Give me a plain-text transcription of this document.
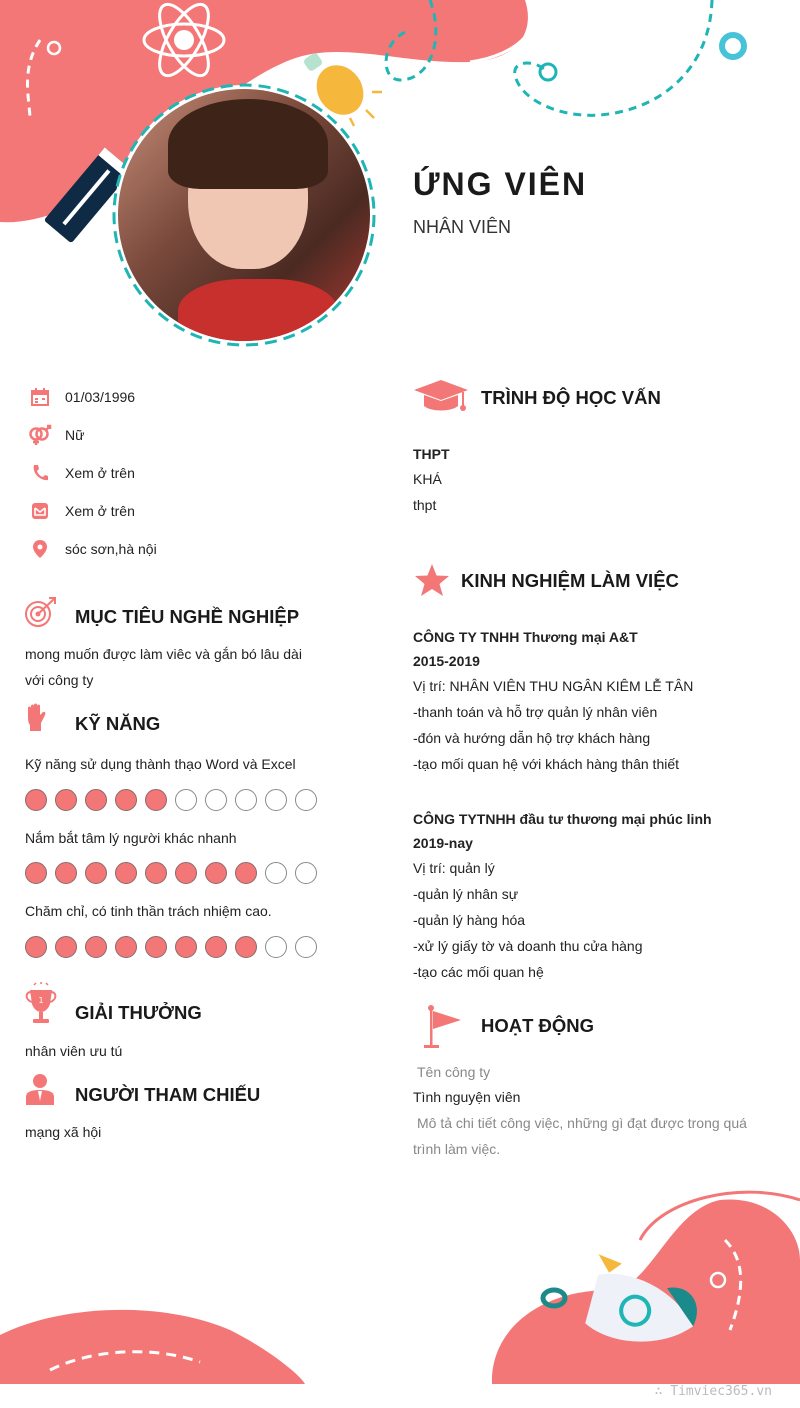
ỨNG VIÊN
NHÂN VIÊN
01/03/1996
Nữ
Xem ở trên
Xem ở trên
sóc sơn,hà nội
MỤC TIÊU NGHỀ NGHIỆP
mong muốn được làm viêc và gắn bó lâu dài
với công ty
KỸ NĂNG
Kỹ năng sử dụng thành thạo Word và Excel
Nắm bắt tâm lý người khác nhanh
Chăm chỉ, có tinh thần trách nhiệm cao.
1
GIẢI THƯỞNG
nhân viên ưu tú
NGƯỜI THAM CHIẾU
mạng xã hội
TRÌNH ĐỘ HỌC VẤN
THPT
KHÁ
thpt
KINH NGHIỆM LÀM VIỆC
CÔNG TY TNHH Thương mại A&T
2015-2019
Vị trí: NHÂN VIÊN THU NGÂN KIÊM LỄ TÂN
-thanh toán và hỗ trợ quản lý nhân viên
-đón và hướng dẫn hộ trợ khách hàng
-tạo mối quan hệ với khách hàng thân thiết
CÔNG TYTNHH đầu tư thương mại phúc linh
2019-nay
Vị trí: quản lý
-quản lý nhân sự
-quản lý hàng hóa
-xử lý giấy tờ và doanh thu cửa hàng
-tạo các mối quan hệ
HOẠT ĐỘNG
Tên công ty
Tình nguyện viên
Mô tả chi tiết công việc, những gì đạt được trong quá
trình làm việc.
∴ Timviec365.vn
